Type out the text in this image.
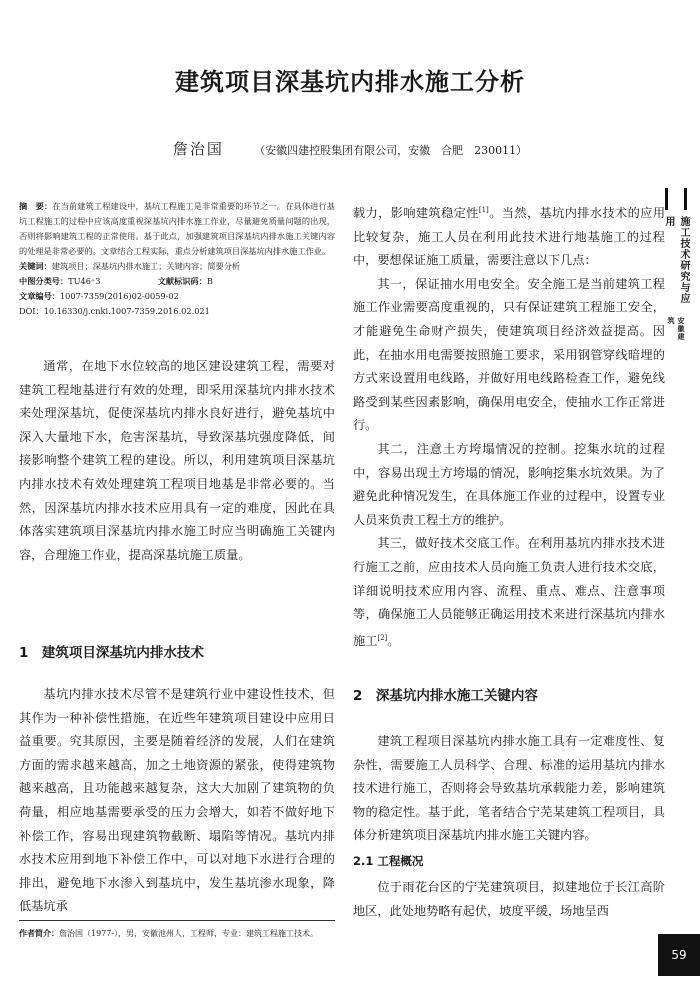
建筑项目深基坑内排水施工分析
詹治国	（安徽四建控股集团有限公司，安徽　合肥　230011）

摘　要：在当前建筑工程建设中，基坑工程施工是非常重要的环节之一。在具体进行基坑工程施工的过程中应该高度重视深基坑内排水施工作业，尽量避免质量问题的出现，否则将影响建筑工程的正常使用。基于此点，加强建筑项目深基坑内排水施工关键内容的处理是非常必要的。文章结合工程实际，重点分析建筑项目深基坑内排水施工作业。

关键词：建筑项目；深基坑内排水施工；关键内容；简要分析

中图分类号：TU46⁺3	文献标识码：B

文章编号：1007-7359(2016)02-0059-02

DOI：10.16330/j.cnki.1007-7359.2016.02.021

通常，在地下水位较高的地区建设建筑工程，需要对建筑工程地基进行有效的处理，即采用深基坑内排水技术来处理深基坑，促使深基坑内排水良好进行，避免基坑中深入大量地下水，危害深基坑，导致深基坑强度降低，间接影响整个建筑工程的建设。所以，利用建筑项目深基坑内排水技术有效处理建筑工程项目地基是非常必要的。当然，因深基坑内排水技术应用具有一定的难度，因此在具体落实建筑项目深基坑内排水施工时应当明确施工关键内容，合理施工作业，提高深基坑施工质量。

1　建筑项目深基坑内排水技术

基坑内排水技术尽管不是建筑行业中建设性技术，但其作为一种补偿性措施，在近些年建筑项目建设中应用日益重要。究其原因，主要是随着经济的发展，人们在建筑方面的需求越来越高，加之土地资源的紧张，使得建筑物越来越高，且功能越来越复杂，这大大加剧了建筑物的负荷量，相应地基需要承受的压力会增大，如若不做好地下补偿工作，容易出现建筑物截断、塌陷等情况。基坑内排水技术应用到地下补偿工作中，可以对地下水进行合理的排出，避免地下水渗入到基坑中，发生基坑渗水现象，降低基坑承

作者简介：詹治国（1977-），男，安徽池州人，工程师，专业：建筑工程施工技术。

载力，影响建筑稳定性[1]。当然，基坑内排水技术的应用比较复杂，施工人员在利用此技术进行地基施工的过程中，要想保证施工质量，需要注意以下几点：

其一，保证抽水用电安全。安全施工是当前建筑工程施工作业需要高度重视的，只有保证建筑工程施工安全，才能避免生命财产损失，使建筑项目经济效益提高。因此，在抽水用电需要按照施工要求，采用钢管穿线暗埋的方式来设置用电线路，并做好用电线路检查工作，避免线路受到某些因素影响，确保用电安全，使抽水工作正常进行。

其二，注意土方垮塌情况的控制。挖集水坑的过程中，容易出现土方垮塌的情况，影响挖集水坑效果。为了避免此种情况发生，在具体施工作业的过程中，设置专业人员来负责工程土方的维护。

其三，做好技术交底工作。在利用基坑内排水技术进行施工之前，应由技术人员向施工负责人进行技术交底，详细说明技术应用内容、流程、重点、难点、注意事项等，确保施工人员能够正确运用技术来进行深基坑内排水施工[2]。

2　深基坑内排水施工关键内容

建筑工程项目深基坑内排水施工具有一定难度性、复杂性，需要施工人员科学、合理、标准的运用基坑内排水技术进行施工，否则将会导致基坑承载能力差，影响建筑物的稳定性。基于此，笔者结合宁芜某建筑工程项目，具体分析建筑项目深基坑内排水施工关键内容。

2.1 工程概况

位于雨花台区的宁芜建筑项目，拟建地位于长江高阶地区，此处地势略有起伏，坡度平缓，场地呈西

施工技术研究与应用
安徽建筑
59
